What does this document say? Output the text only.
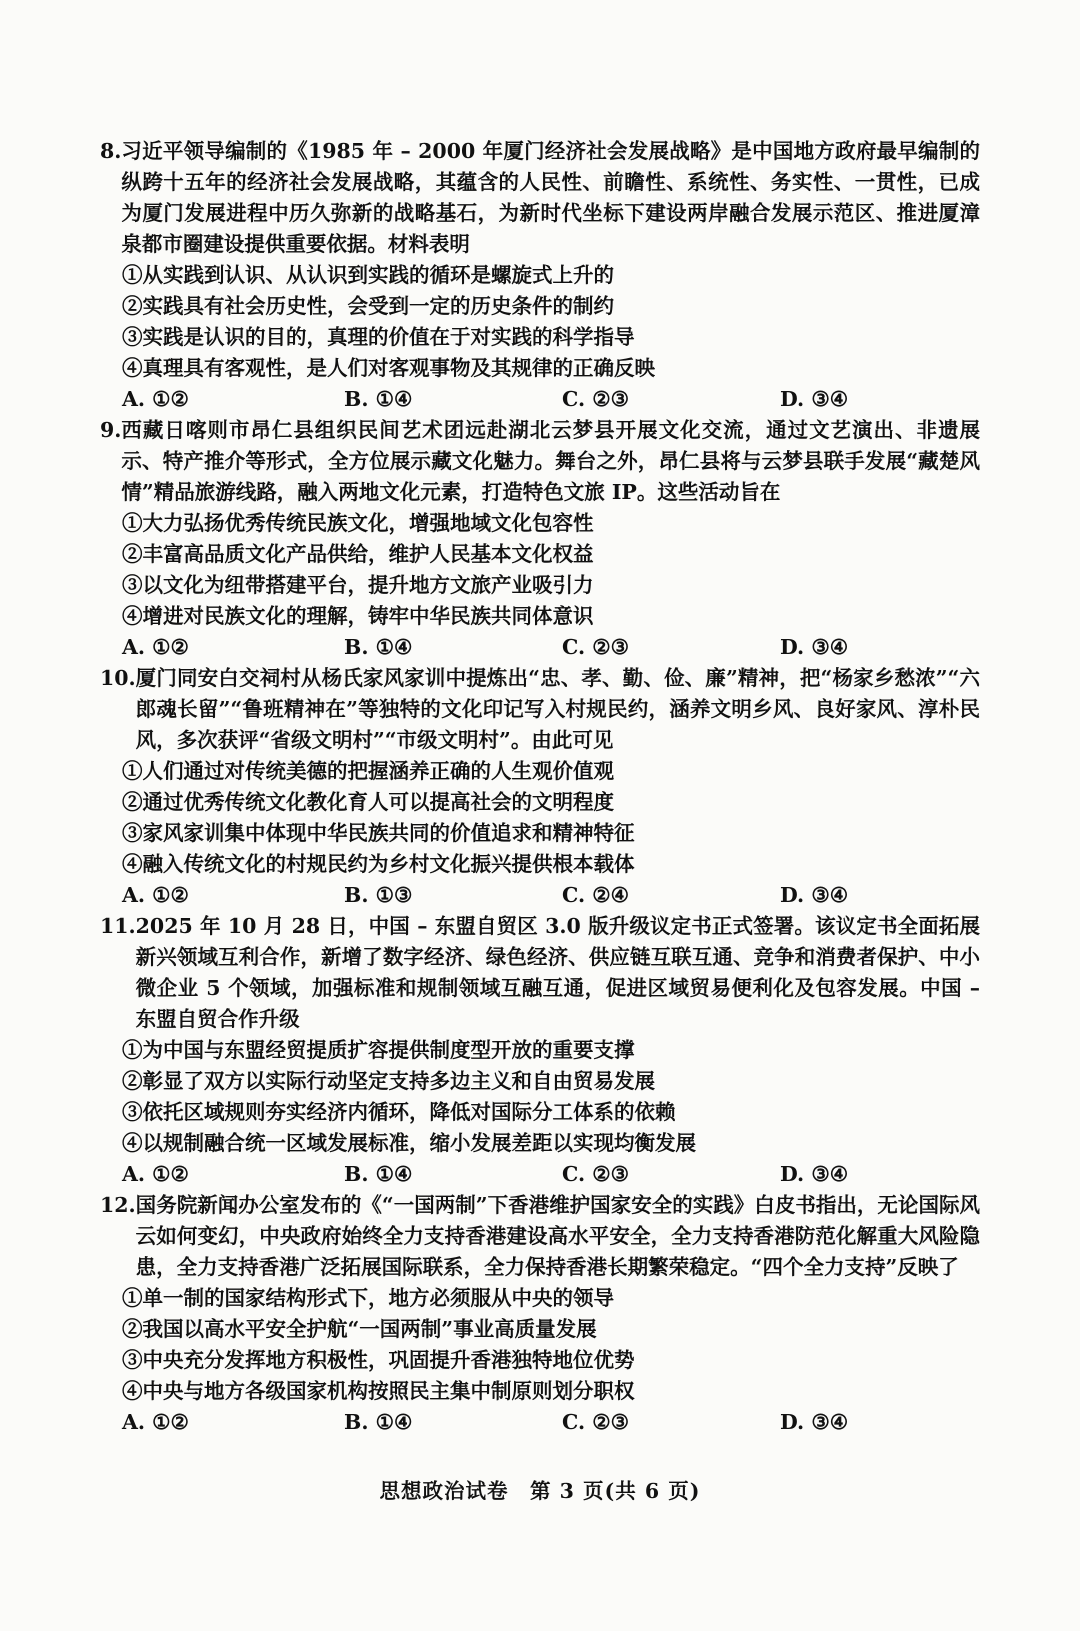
8. 习近平领导编制的《1985 年 – 2000 年厦门经济社会发展战略》是中国地方政府最早编制的纵跨十五年的经济社会发展战略，其蕴含的人民性、前瞻性、系统性、务实性、一贯性，已成为厦门发展进程中历久弥新的战略基石，为新时代坐标下建设两岸融合发展示范区、推进厦漳泉都市圈建设提供重要依据。材料表明
①从实践到认识、从认识到实践的循环是螺旋式上升的
②实践具有社会历史性，会受到一定的历史条件的制约
③实践是认识的目的，真理的价值在于对实践的科学指导
④真理具有客观性，是人们对客观事物及其规律的正确反映
A. ①②	B. ①④	C. ②③	D. ③④
9. 西藏日喀则市昂仁县组织民间艺术团远赴湖北云梦县开展文化交流，通过文艺演出、非遗展示、特产推介等形式，全方位展示藏文化魅力。舞台之外，昂仁县将与云梦县联手发展“藏楚风情”精品旅游线路，融入两地文化元素，打造特色文旅 IP。这些活动旨在
①大力弘扬优秀传统民族文化，增强地域文化包容性
②丰富高品质文化产品供给，维护人民基本文化权益
③以文化为纽带搭建平台，提升地方文旅产业吸引力
④增进对民族文化的理解，铸牢中华民族共同体意识
A. ①②	B. ①④	C. ②③	D. ③④
10. 厦门同安白交祠村从杨氏家风家训中提炼出“忠、孝、勤、俭、廉”精神，把“杨家乡愁浓”“六郎魂长留”“鲁班精神在”等独特的文化印记写入村规民约，涵养文明乡风、良好家风、淳朴民风，多次获评“省级文明村”“市级文明村”。由此可见
①人们通过对传统美德的把握涵养正确的人生观价值观
②通过优秀传统文化教化育人可以提高社会的文明程度
③家风家训集中体现中华民族共同的价值追求和精神特征
④融入传统文化的村规民约为乡村文化振兴提供根本载体
A. ①②	B. ①③	C. ②④	D. ③④
11. 2025 年 10 月 28 日，中国 – 东盟自贸区 3.0 版升级议定书正式签署。该议定书全面拓展新兴领域互利合作，新增了数字经济、绿色经济、供应链互联互通、竞争和消费者保护、中小微企业 5 个领域，加强标准和规制领域互融互通，促进区域贸易便利化及包容发展。中国 – 东盟自贸合作升级
①为中国与东盟经贸提质扩容提供制度型开放的重要支撑
②彰显了双方以实际行动坚定支持多边主义和自由贸易发展
③依托区域规则夯实经济内循环，降低对国际分工体系的依赖
④以规制融合统一区域发展标准，缩小发展差距以实现均衡发展
A. ①②	B. ①④	C. ②③	D. ③④
12. 国务院新闻办公室发布的《“一国两制”下香港维护国家安全的实践》白皮书指出，无论国际风云如何变幻，中央政府始终全力支持香港建设高水平安全，全力支持香港防范化解重大风险隐患，全力支持香港广泛拓展国际联系，全力保持香港长期繁荣稳定。“四个全力支持”反映了
①单一制的国家结构形式下，地方必须服从中央的领导
②我国以高水平安全护航“一国两制”事业高质量发展
③中央充分发挥地方积极性，巩固提升香港独特地位优势
④中央与地方各级国家机构按照民主集中制原则划分职权
A. ①②	B. ①④	C. ②③	D. ③④
思想政治试卷　第 3 页(共 6 页)
